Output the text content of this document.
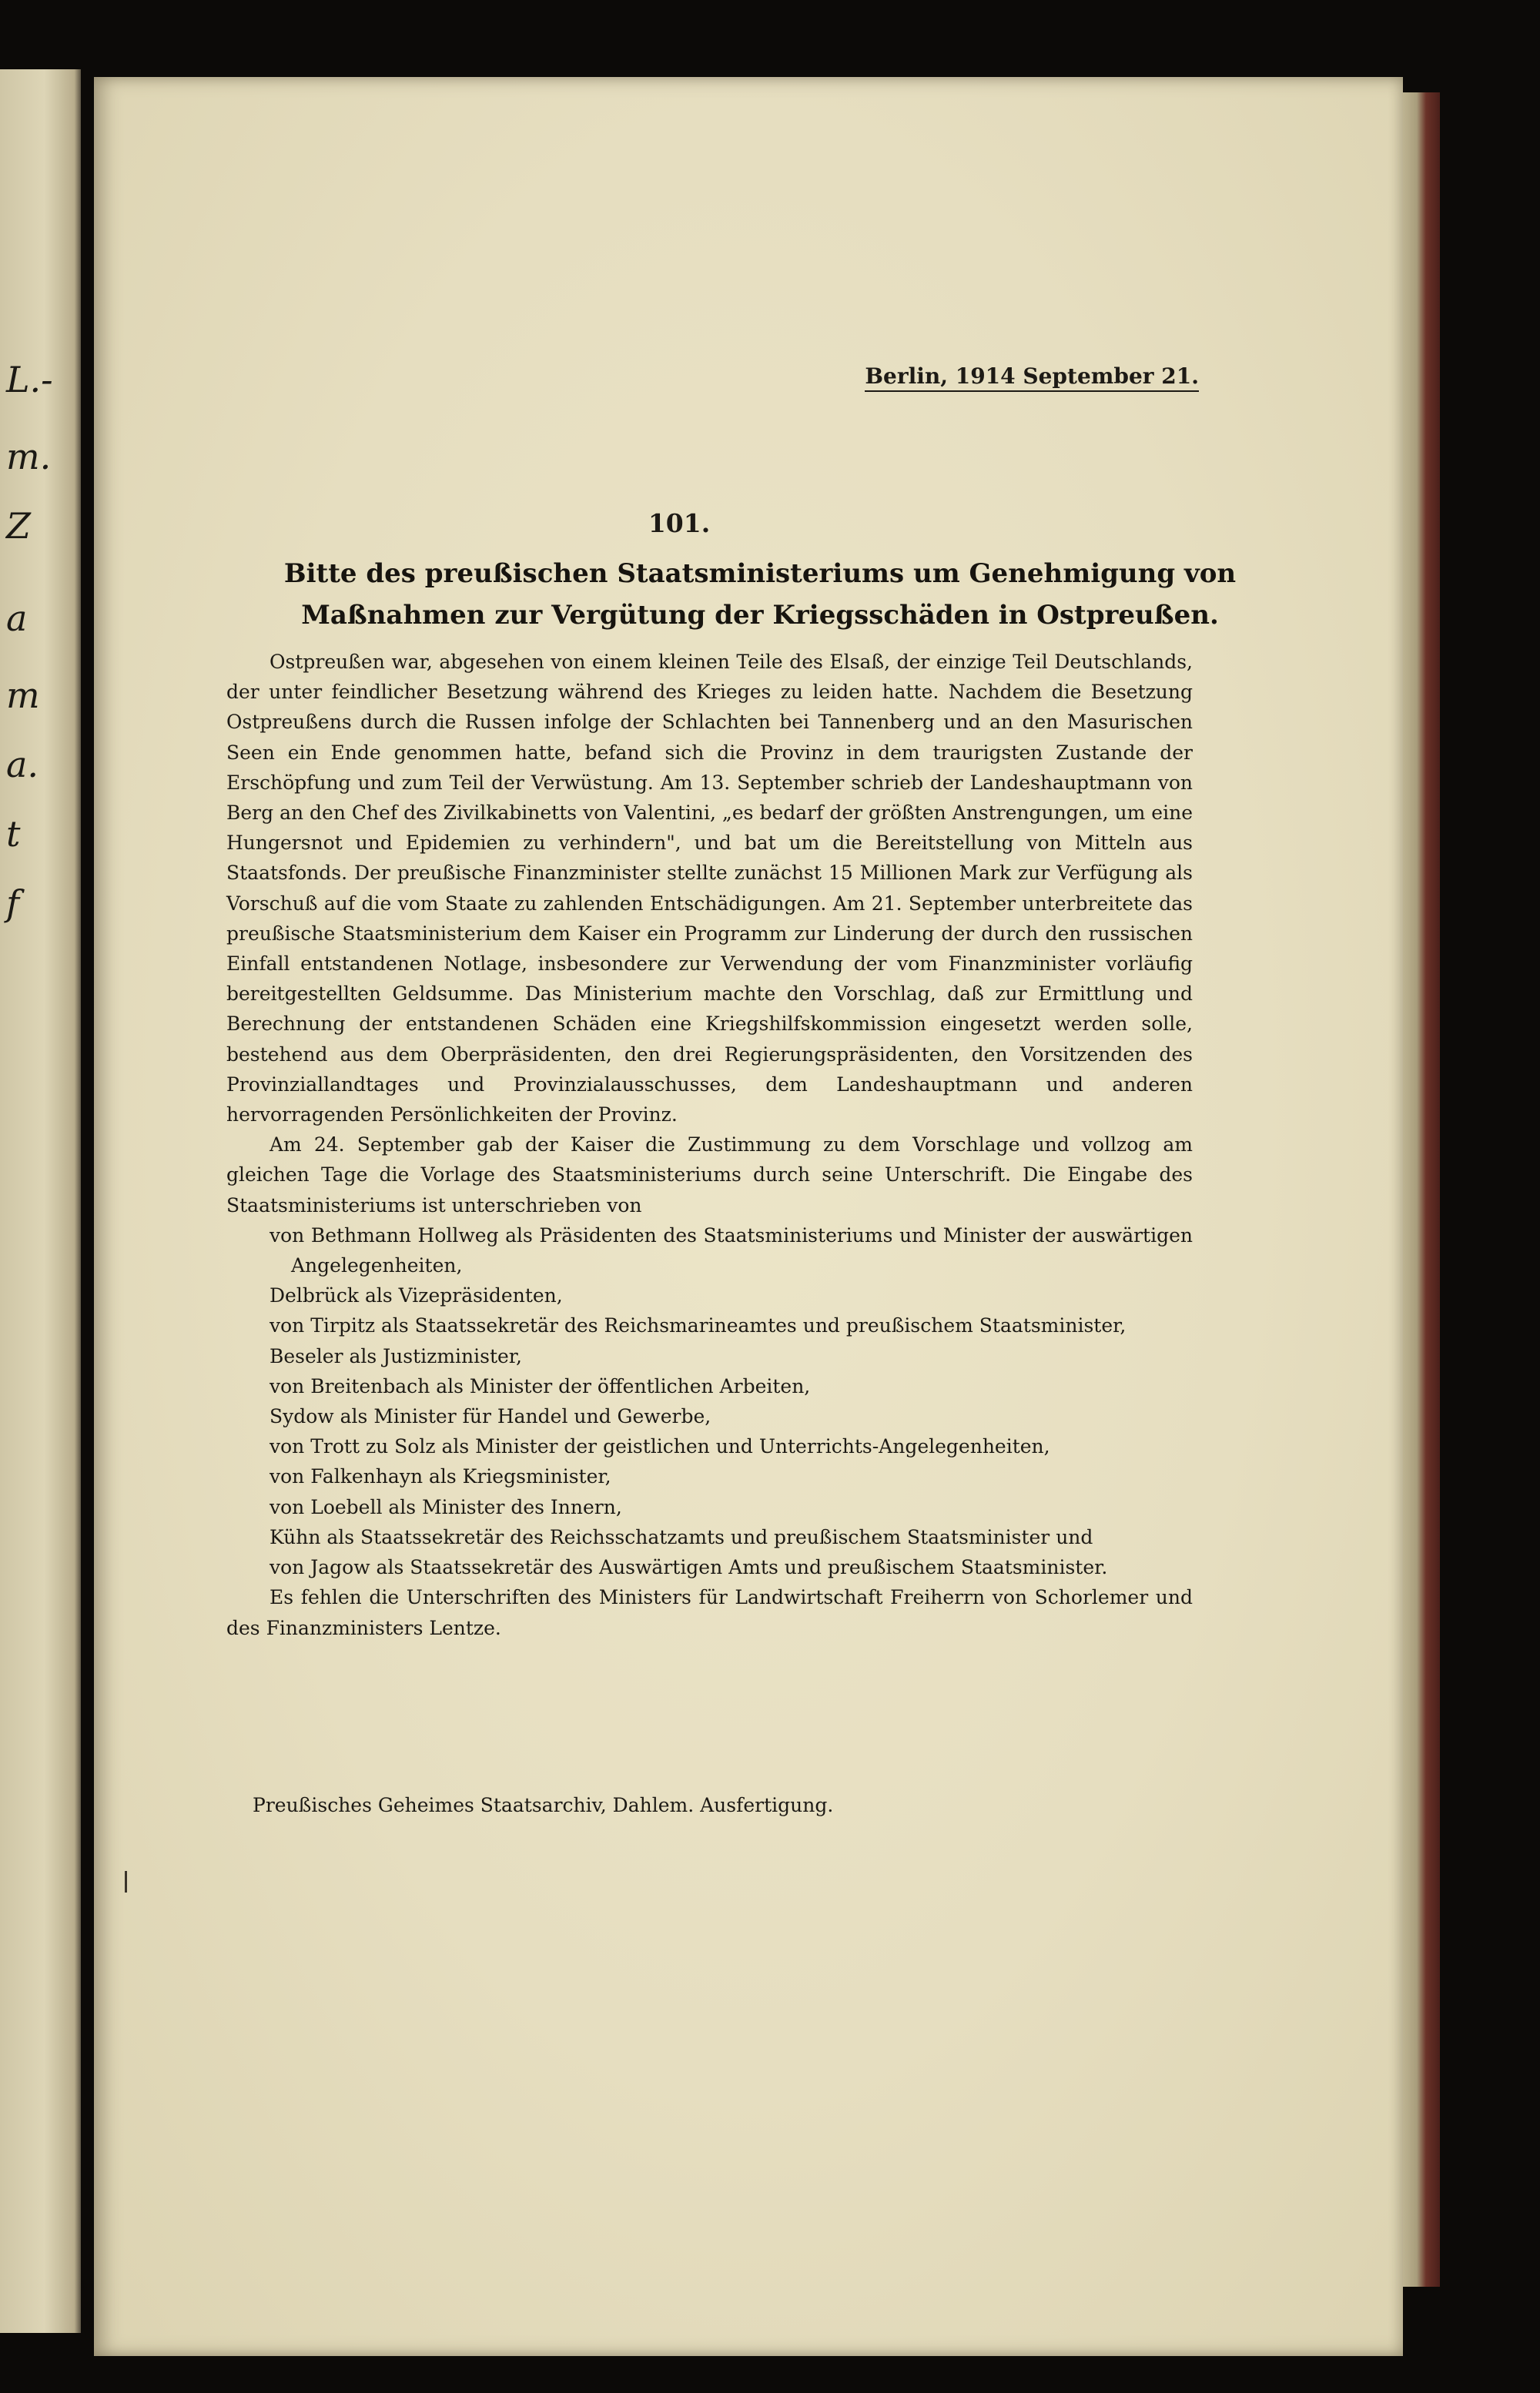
L.-
m.
Z
a
m
a.
t
f

Berlin, 1914 September 21.
101.
Bitte des preußischen Staatsministeriums um Genehmigung von Maßnahmen zur Vergütung der Kriegsschäden in Ostpreußen.

Ostpreußen war, abgesehen von einem kleinen Teile des Elsaß, der einzige Teil Deutschlands, der unter feindlicher Besetzung während des Krieges zu leiden hatte. Nachdem die Besetzung Ostpreußens durch die Russen infolge der Schlachten bei Tannenberg und an den Masurischen Seen ein Ende genommen hatte, befand sich die Provinz in dem traurigsten Zustande der Erschöpfung und zum Teil der Verwüstung. Am 13. September schrieb der Landeshauptmann von Berg an den Chef des Zivilkabinetts von Valentini, „es bedarf der größten Anstrengungen, um eine Hungersnot und Epidemien zu verhindern", und bat um die Bereitstellung von Mitteln aus Staatsfonds. Der preußische Finanzminister stellte zunächst 15 Millionen Mark zur Verfügung als Vorschuß auf die vom Staate zu zahlenden Entschädigungen. Am 21. September unterbreitete das preußische Staatsministerium dem Kaiser ein Programm zur Linderung der durch den russischen Einfall entstandenen Notlage, insbesondere zur Verwendung der vom Finanzminister vorläufig bereitgestellten Geldsumme. Das Ministerium machte den Vorschlag, daß zur Ermittlung und Berechnung der entstandenen Schäden eine Kriegshilfskommission eingesetzt werden solle, bestehend aus dem Oberpräsidenten, den drei Regierungspräsidenten, den Vorsitzenden des Provinziallandtages und Provinzialausschusses, dem Landeshauptmann und anderen hervorragenden Persönlichkeiten der Provinz.

Am 24. September gab der Kaiser die Zustimmung zu dem Vorschlage und vollzog am gleichen Tage die Vorlage des Staatsministeriums durch seine Unterschrift. Die Eingabe des Staatsministeriums ist unterschrieben von

von Bethmann Hollweg als Präsidenten des Staatsministeriums und Minister der auswärtigen Angelegenheiten,
Delbrück als Vizepräsidenten,
von Tirpitz als Staatssekretär des Reichsmarineamtes und preußischem Staatsminister,
Beseler als Justizminister,
von Breitenbach als Minister der öffentlichen Arbeiten,
Sydow als Minister für Handel und Gewerbe,
von Trott zu Solz als Minister der geistlichen und Unterrichts-Angelegenheiten,
von Falkenhayn als Kriegsminister,
von Loebell als Minister des Innern,
Kühn als Staatssekretär des Reichsschatzamts und preußischem Staatsminister und
von Jagow als Staatssekretär des Auswärtigen Amts und preußischem Staatsminister.

Es fehlen die Unterschriften des Ministers für Landwirtschaft Freiherrn von Schorlemer und des Finanzministers Lentze.

Preußisches Geheimes Staatsarchiv, Dahlem. Ausfertigung.
